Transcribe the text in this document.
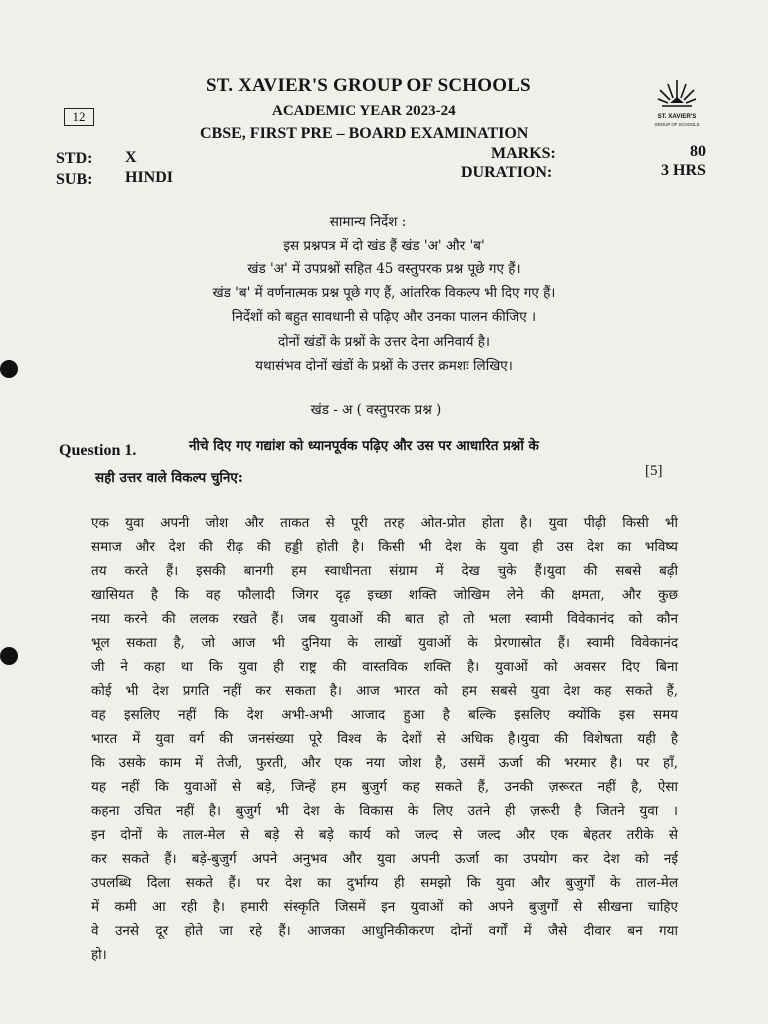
ST. XAVIER'S GROUP OF SCHOOLS
ACADEMIC YEAR 2023-24
CBSE, FIRST PRE – BOARD EXAMINATION
12	ST. XAVIER'S
GROUP OF SCHOOLS
STD: X	MARKS:	80
SUB: HINDI	DURATION:	3 HRS
सामान्य निर्देश :
इस प्रश्नपत्र में दो खंड हैं खंड 'अ' और 'ब'
खंड 'अ' में उपप्रश्नों सहित 45 वस्तुपरक प्रश्न पूछे गए हैं।
खंड 'ब' में वर्णनात्मक प्रश्न पूछे गए हैं, आंतरिक विकल्प भी दिए गए हैं।
निर्देशों को बहुत सावधानी से पढ़िए और उनका पालन कीजिए ।
दोनों खंडों के प्रश्नों के उत्तर देना अनिवार्य है।
यथासंभव दोनों खंडों के प्रश्नों के उत्तर क्रमशः लिखिए।
खंड - अ ( वस्तुपरक प्रश्न )
Question 1.	नीचे दिए गए गद्यांश को ध्यानपूर्वक पढ़िए और उस पर आधारित प्रश्नों के
सही उत्तर वाले विकल्प चुनिए:	[5]
एक युवा अपनी जोश और ताकत से पूरी तरह ओत-प्रोत होता है। युवा पीढ़ी किसी भी
समाज और देश की रीढ़ की हड्डी होती है। किसी भी देश के युवा ही उस देश का भविष्य
तय करते हैं। इसकी बानगी हम स्वाधीनता संग्राम में देख चुके हैं।युवा की सबसे बढ़ी
खासियत है कि वह फौलादी जिगर दृढ़ इच्छा शक्ति जोखिम लेने की क्षमता, और कुछ
नया करने की ललक रखते हैं। जब युवाओं की बात हो तो भला स्वामी विवेकानंद को कौन
भूल सकता है, जो आज भी दुनिया के लाखों युवाओं के प्रेरणास्रोत हैं। स्वामी विवेकानंद
जी ने कहा था कि युवा ही राष्ट्र की वास्तविक शक्ति है। युवाओं को अवसर दिए बिना
कोई भी देश प्रगति नहीं कर सकता है। आज भारत को हम सबसे युवा देश कह सकते हैं,
वह इसलिए नहीं कि देश अभी-अभी आजाद हुआ है बल्कि इसलिए क्योंकि इस समय
भारत में युवा वर्ग की जनसंख्या पूरे विश्व के देशों से अधिक है।युवा की विशेषता यही है
कि उसके काम में तेजी, फुरती, और एक नया जोश है, उसमें ऊर्जा की भरमार है। पर हाँ,
यह नहीं कि युवाओं से बड़े, जिन्हें हम बुजुर्ग कह सकते हैं, उनकी ज़रूरत नहीं है, ऐसा
कहना उचित नहीं है। बुजुर्ग भी देश के विकास के लिए उतने ही ज़रूरी है जितने युवा ।
इन दोनों के ताल-मेल से बड़े से बड़े कार्य को जल्द से जल्द और एक बेहतर तरीके से
कर सकते हैं। बड़े-बुजुर्ग अपने अनुभव और युवा अपनी ऊर्जा का उपयोग कर देश को नई
उपलब्धि दिला सकते हैं। पर देश का दुर्भाग्य ही समझो कि युवा और बुजुर्गों के ताल-मेल
में कमी आ रही है। हमारी संस्कृति जिसमें इन युवाओं को अपने बुजुर्गों से सीखना चाहिए
वे उनसे दूर होते जा रहे हैं। आजका आधुनिकीकरण दोनों वर्गों में जैसे दीवार बन गया
हो।
